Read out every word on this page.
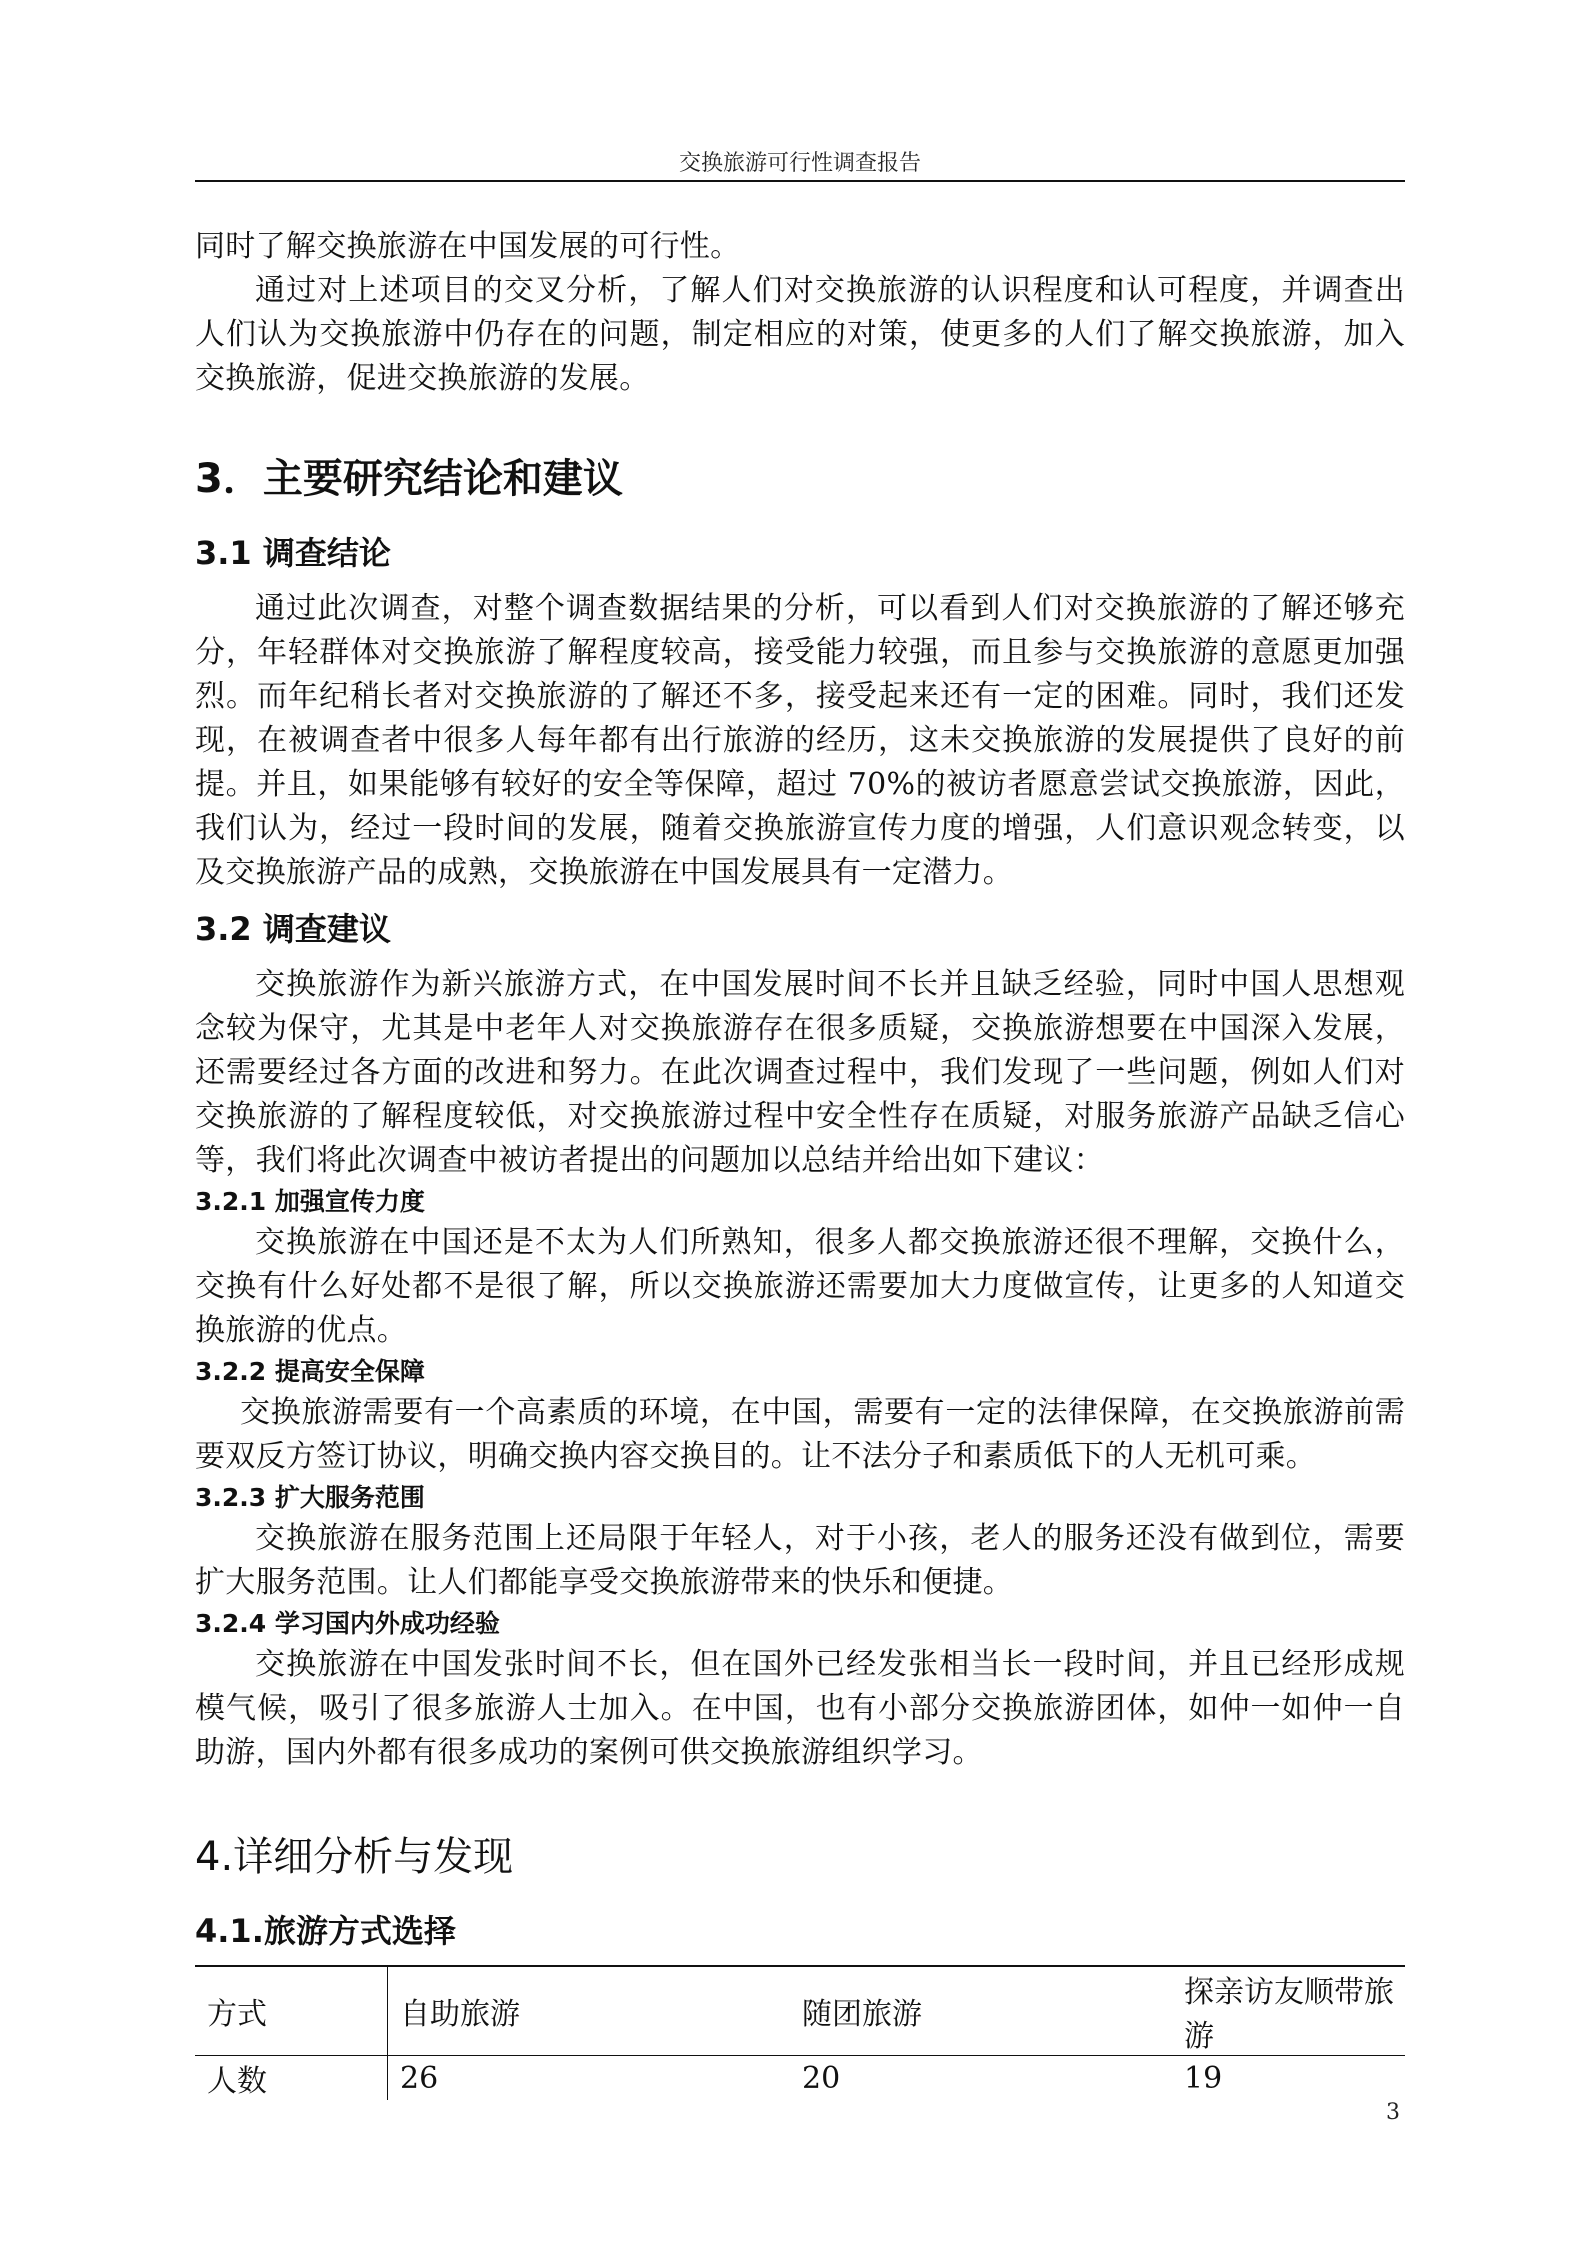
交换旅游可行性调查报告

同时了解交换旅游在中国发展的可行性。

通过对上述项目的交叉分析，了解人们对交换旅游的认识程度和认可程度，并调查出人们认为交换旅游中仍存在的问题，制定相应的对策，使更多的人们了解交换旅游，加入交换旅游，促进交换旅游的发展。

3．主要研究结论和建议
3.1 调查结论

通过此次调查，对整个调查数据结果的分析，可以看到人们对交换旅游的了解还够充分，年轻群体对交换旅游了解程度较高，接受能力较强，而且参与交换旅游的意愿更加强烈。而年纪稍长者对交换旅游的了解还不多，接受起来还有一定的困难。同时，我们还发现，在被调查者中很多人每年都有出行旅游的经历，这未交换旅游的发展提供了良好的前提。并且，如果能够有较好的安全等保障，超过 70%的被访者愿意尝试交换旅游，因此，我们认为，经过一段时间的发展，随着交换旅游宣传力度的增强，人们意识观念转变，以及交换旅游产品的成熟，交换旅游在中国发展具有一定潜力。

3.2 调查建议

交换旅游作为新兴旅游方式，在中国发展时间不长并且缺乏经验，同时中国人思想观念较为保守，尤其是中老年人对交换旅游存在很多质疑，交换旅游想要在中国深入发展，还需要经过各方面的改进和努力。在此次调查过程中，我们发现了一些问题，例如人们对交换旅游的了解程度较低，对交换旅游过程中安全性存在质疑，对服务旅游产品缺乏信心等，我们将此次调查中被访者提出的问题加以总结并给出如下建议：

3.2.1 加强宣传力度

交换旅游在中国还是不太为人们所熟知，很多人都交换旅游还很不理解，交换什么，交换有什么好处都不是很了解，所以交换旅游还需要加大力度做宣传，让更多的人知道交换旅游的优点。

3.2.2 提高安全保障

交换旅游需要有一个高素质的环境，在中国，需要有一定的法律保障，在交换旅游前需要双反方签订协议，明确交换内容交换目的。让不法分子和素质低下的人无机可乘。

3.2.3 扩大服务范围

交换旅游在服务范围上还局限于年轻人，对于小孩，老人的服务还没有做到位，需要扩大服务范围。让人们都能享受交换旅游带来的快乐和便捷。

3.2.4 学习国内外成功经验

交换旅游在中国发张时间不长，但在国外已经发张相当长一段时间，并且已经形成规模气候，吸引了很多旅游人士加入。在中国，也有小部分交换旅游团体，如仲一如仲一自助游，国内外都有很多成功的案例可供交换旅游组织学习。

4.详细分析与发现
4.1.旅游方式选择
方式	自助旅游	随团旅游	探亲访友顺带旅游
人数	26	20	19
3
